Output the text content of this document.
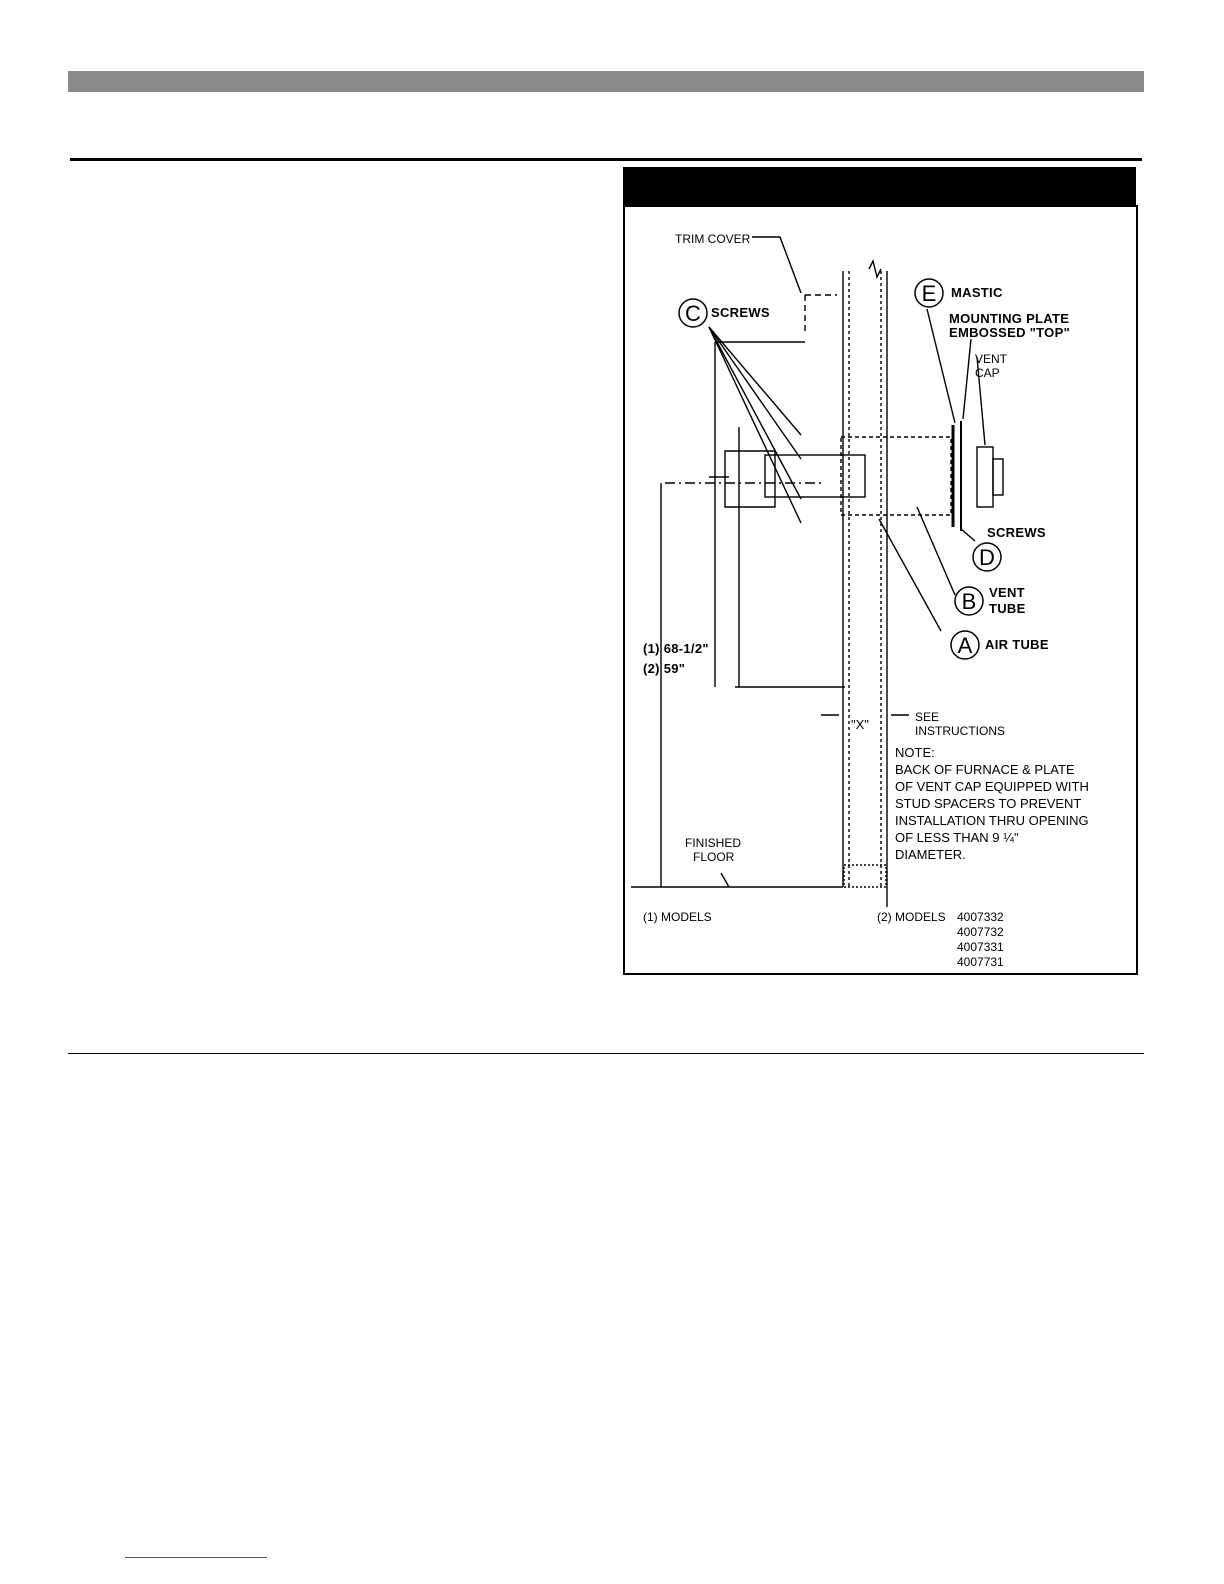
C
E
D
B
A
TRIM COVER
SCREWS
MASTIC
MOUNTING PLATE
EMBOSSED "TOP"
VENT
CAP
SCREWS
VENT
TUBE
AIR TUBE
(1) 68-1/2"
(2) 59"
"X"	SEE
INSTRUCTIONS
FINISHED
FLOOR
NOTE:
BACK OF FURNACE & PLATE
OF VENT CAP EQUIPPED WITH
STUD SPACERS TO PREVENT
INSTALLATION THRU OPENING
OF LESS THAN 9 ¼"
DIAMETER.
(1) MODELS	(2) MODELS 4007332
4007732
4007331
4007731
